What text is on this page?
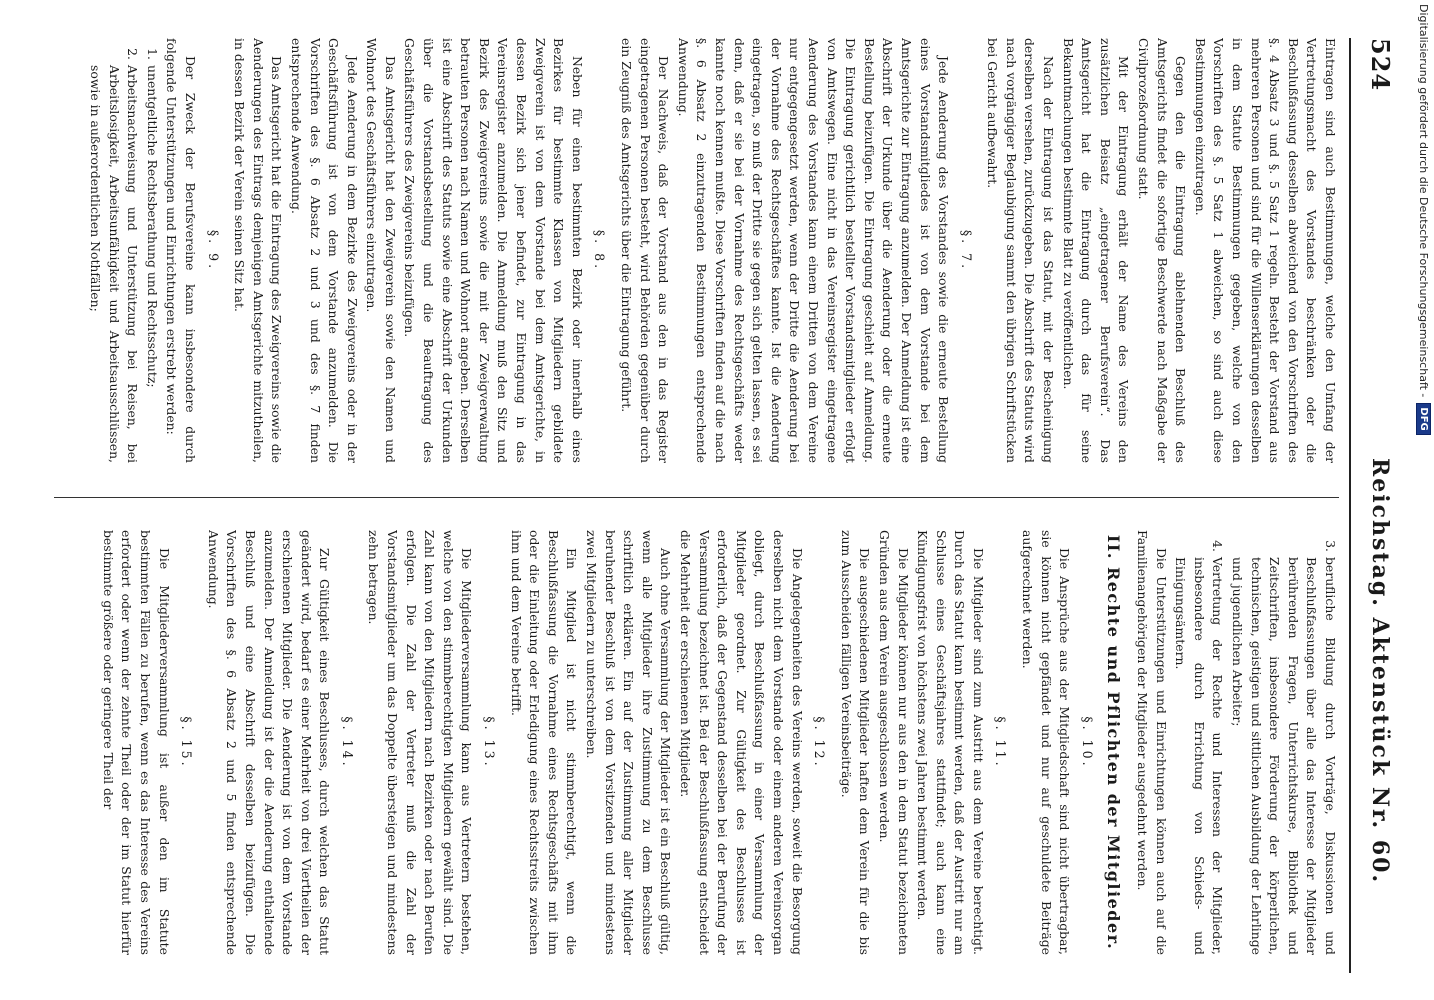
524
Reichstag. Aktenstück Nr. 60.

Eintragen sind auch Bestimmungen, welche den Umfang der Vertretungsmacht des Vorstandes beschränken oder die Beschlußfassung desselben abweichend von den Vorschriften des §. 4 Absatz 3 und §. 5 Satz 1 regeln. Besteht der Vorstand aus mehreren Personen und sind für die Willenserklärungen desselben in dem Statute Bestimmungen gegeben, welche von den Vorschriften des §. 5 Satz 1 abweichen, so sind auch diese Bestimmungen einzutragen.

Gegen den die Eintragung ablehnenden Beschluß des Amtsgerichts findet die sofortige Beschwerde nach Maßgabe der Civilprozeßordnung statt.

Mit der Eintragung erhält der Name des Vereins den zusätzlichen Beisatz „eingetragener Berufsverein“. Das Amtsgericht hat die Eintragung durch das für seine Bekanntmachungen bestimmte Blatt zu veröffentlichen.

Nach der Eintragung ist das Statut, mit der Bescheinigung derselben versehen, zurückzugeben. Die Abschrift des Statuts wird nach vorgängiger Beglaubigung sammt den übrigen Schriftstücken bei Gericht aufbewahrt.

§. 7.

Jede Aenderung des Vorstandes sowie die erneute Bestellung eines Vorstandsmitgliedes ist von dem Vorstande bei dem Amtsgerichte zur Eintragung anzumelden. Der Anmeldung ist eine Abschrift der Urkunde über die Aenderung oder die erneute Bestellung beizufügen. Die Eintragung geschieht auf Anmeldung. Die Eintragung gerichtlich bestellter Vorstandsmitglieder erfolgt von Amtswegen. Eine nicht in das Vereinsregister eingetragene Aenderung des Vorstandes kann einem Dritten von dem Vereine nur entgegengesetzt werden, wenn der Dritte die Aenderung bei der Vornahme des Rechtsgeschäftes kannte. Ist die Aenderung eingetragen, so muß der Dritte sie gegen sich gelten lassen, es sei denn, daß er sie bei der Vornahme des Rechtsgeschäfts weder kannte noch kennen mußte. Diese Vorschriften finden auf die nach §. 6 Absatz 2 einzutragenden Bestimmungen entsprechende Anwendung.

Der Nachweis, daß der Vorstand aus den in das Register eingetragenen Personen besteht, wird Behörden gegenüber durch ein Zeugniß des Amtsgerichts über die Eintragung geführt.

§. 8.

Neben für einen bestimmten Bezirk oder innerhalb eines Bezirkes für bestimmte Klassen von Mitgliedern gebildete Zweigverein ist von dem Vorstande bei dem Amtsgerichte, in dessen Bezirk sich jener befindet, zur Eintragung in das Vereinsregister anzumelden. Die Anmeldung muß den Sitz und Bezirk des Zweigvereins sowie die mit der Zweigverwaltung betrauten Personen nach Namen und Wohnort angeben. Derselben ist eine Abschrift des Statuts sowie eine Abschrift der Urkunden über die Vorstandsbestellung und die Beauftragung des Geschäftsführers des Zweigvereins beizufügen.

Das Amtsgericht hat den Zweigverein sowie den Namen und Wohnort des Geschäftsführers einzutragen.

Jede Aenderung in dem Bezirke des Zweigvereins oder in der Geschäftsführung ist von dem Vorstande anzumelden. Die Vorschriften des §. 6 Absatz 2 und 3 und des §. 7 finden entsprechende Anwendung.

Das Amtsgericht hat die Eintragung des Zweigvereins sowie die Aenderungen des Eintrags demjenigen Amtsgerichte mitzutheilen, in dessen Bezirk der Verein seinen Sitz hat.

§. 9.

Der Zweck der Berufsvereine kann insbesondere durch folgende Unterstützungen und Einrichtungen erstrebt werden:

1.
unentgeltliche Rechtsberathung und Rechtsschutz;
2.
Arbeitsnachweisung und Unterstützung bei Reisen, bei Arbeitslosigkeit, Arbeitsunfähigkeit und Arbeitsausschlüssen, sowie in außerordentlichen Nothfällen;
3.
berufliche Bildung durch Vorträge, Diskussionen und Beschlußfassungen über alle das Interesse der Mitglieder berührenden Fragen, Unterrichtskurse, Bibliothek und Zeitschriften, insbesondere Förderung der körperlichen, technischen, geistigen und sittlichen Ausbildung der Lehrlinge und jugendlichen Arbeiter;
4.
Vertretung der Rechte und Interessen der Mitglieder, insbesondere durch Errichtung von Schieds- und Einigungsämtern.

Die Unterstützungen und Einrichtungen können auch auf die Familienangehörigen der Mitglieder ausgedehnt werden.

II. Rechte und Pflichten der Mitglieder.

§. 10.

Die Ansprüche aus der Mitgliedschaft sind nicht übertragbar, sie können nicht gepfändet und nur auf geschuldete Beiträge aufgerechnet werden.

§. 11.

Die Mitglieder sind zum Austritt aus dem Vereine berechtigt. Durch das Statut kann bestimmt werden, daß der Austritt nur am Schlusse eines Geschäftsjahres stattfindet; auch kann eine Kündigungsfrist von höchstens zwei Jahren bestimmt werden.

Die Mitglieder können nur aus den in dem Statut bezeichneten Gründen aus dem Verein ausgeschlossen werden.

Die ausgeschiedenen Mitglieder haften dem Verein für die bis zum Ausscheiden fälligen Vereinsbeiträge.

§. 12.

Die Angelegenheiten des Vereins werden, soweit die Besorgung derselben nicht dem Vorstande oder einem anderen Vereinsorgan obliegt, durch Beschlußfassung in einer Versammlung der Mitglieder geordnet. Zur Gültigkeit des Beschlusses ist erforderlich, daß der Gegenstand desselben bei der Berufung der Versammlung bezeichnet ist. Bei der Beschlußfassung entscheidet die Mehrheit der erschienenen Mitglieder.

Auch ohne Versammlung der Mitglieder ist ein Beschluß gültig, wenn alle Mitglieder ihre Zustimmung zu dem Beschlusse schriftlich erklären. Ein auf der Zustimmung aller Mitglieder beruhender Beschluß ist von dem Vorsitzenden und mindestens zwei Mitgliedern zu unterschreiben.

Ein Mitglied ist nicht stimmberechtigt, wenn die Beschlußfassung die Vornahme eines Rechtsgeschäfts mit ihm oder die Einleitung oder Erledigung eines Rechtsstreits zwischen ihm und dem Vereine betrifft.

§. 13.

Die Mitgliederversammlung kann aus Vertretern bestehen, welche von den stimmberechtigten Mitgliedern gewählt sind. Die Zahl kann von den Mitgliedern nach Bezirken oder nach Berufen erfolgen. Die Zahl der Vertreter muß die Zahl der Vorstandsmitglieder um das Doppelte übersteigen und mindestens zehn betragen.

§. 14.

Zur Gültigkeit eines Beschlusses, durch welchen das Statut geändert wird, bedarf es einer Mehrheit von drei Viertheilen der erschienenen Mitglieder. Die Aenderung ist von dem Vorstande anzumelden. Der Anmeldung ist der die Aenderung enthaltende Beschluß und eine Abschrift desselben beizufügen. Die Vorschriften des §. 6 Absatz 2 und 5 finden entsprechende Anwendung.

§. 15.

Die Mitgliederversammlung ist außer den im Statute bestimmten Fällen zu berufen, wenn es das Interesse des Vereins erfordert oder wenn der zehnte Theil oder der im Statut hierfür bestimmte größere oder geringere Theil der

Digitalisierung gefördert durch die Deutsche Forschungsgemeinschaft -
DFG
